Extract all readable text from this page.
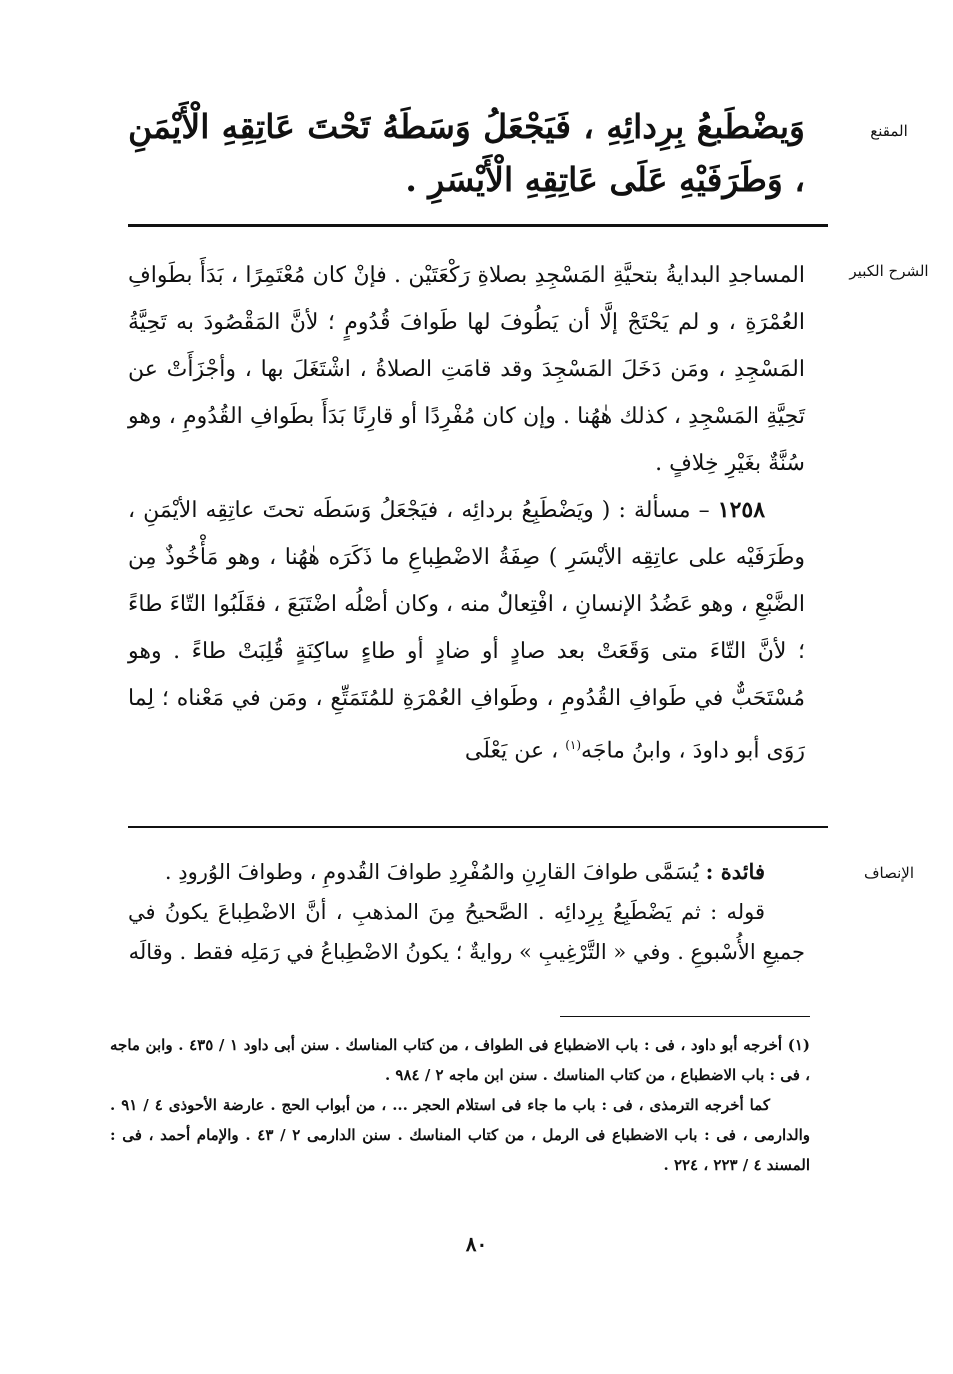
المقنع

وَيضْطَبعُ بِرِدائِهِ ، فَيَجْعَلُ وَسَطَهُ تَحْتَ عَاتِقِهِ الْأَيْمَنِ ، وَطَرَفَيْهِ عَلَى عَاتِقِهِ الْأَيْسَرِ .

الشرح الكبير

المساجدِ البدايةُ بتحيَّةِ المَسْجِدِ بصلاةِ رَكْعَتَيْن . فإنْ كان مُعْتَمِرًا ، بَدَأَ بطَوافِ العُمْرَةِ ، و لم يَحْتَجْ إلَّا أن يَطُوفَ لها طَوافَ قُدُومٍ ؛ لأنَّ المَقْصُودَ به تَحِيَّةُ المَسْجِدِ ، ومَن دَخَلَ المَسْجِدَ وقد قامَتِ الصلاةُ ، اشْتَغَلَ بها ، وأجْزَأَتْ عن تَحِيَّةِ المَسْجِدِ ، كذلك هٰهُنا . وإن كان مُفْرِدًا أو قارِنًا بَدَأَ بطَوافِ القُدُومِ ، وهو سُنَّةٌ بغَيْرِ خِلافٍ .

١٢٥٨ – مسألة : ( ويَضْطَبِعُ بردائِه ، فيَجْعَلُ وَسَطَه تحتَ عاتِقِه الأيْمَنِ ، وطَرَفَيْه على عاتِقِه الأيْسَرِ ) صِفَةُ الاضْطِباعِ ما ذَكَرَه هٰهُنا ، وهو مَأْخُوذٌ مِن الضَّبْعِ ، وهو عَضُدُ الإنسانِ ، افْتِعالٌ منه ، وكان أصْلُه اضْتَبَعَ ، فقَلَبُوا التّاءَ طاءً ؛ لأنَّ التّاءَ متى وَقَعَتْ بعد صادٍ أو ضادٍ أو طاءٍ ساكِنَةٍ قُلِبَتْ طاءً . وهو مُسْتَحَبٌّ في طَوافِ القُدُومِ ، وطَوافِ العُمْرَةِ للمُتَمَتِّعِ ، ومَن في مَعْناه ؛ لِما رَوَى أبو داودَ ، وابنُ ماجَه$^{(١)}$ ، عن يَعْلَى

الإنصاف

فائدة : يُسَمَّى طوافَ القارِنِ والمُفْرِدِ طوافَ القُدومِ ، وطوافَ الوُرودِ .

قوله : ثم يَضْطَبِعُ بِرِدائِه . الصَّحيحُ مِنَ المذهبِ ، أنَّ الاضْطِباعَ يكونُ في جميعِ الأُسْبوعِ . وفي « التَّرْغِيبِ » روايةٌ ؛ يكونُ الاضْطِباعُ في رَمَلِه فقط . وقالَه

(١) أخرجه أبو داود ، فى : باب الاضطباع فى الطواف ، من كتاب المناسك . سنن أبى داود ١ / ٤٣٥ . وابن ماجه ، فى : باب الاضطباع ، من كتاب المناسك . سنن ابن ماجه ٢ / ٩٨٤ .

كما أخرجه الترمذى ، فى : باب ما جاء فى استلام الحجر ... ، من أبواب الحج . عارضة الأحوذى ٤ / ٩١ . والدارمى ، فى : باب الاضطباع فى الرمل ، من كتاب المناسك . سنن الدارمى ٢ / ٤٣ . والإمام أحمد ، فى : المسند ٤ / ٢٢٣ ، ٢٢٤ .

٨٠
